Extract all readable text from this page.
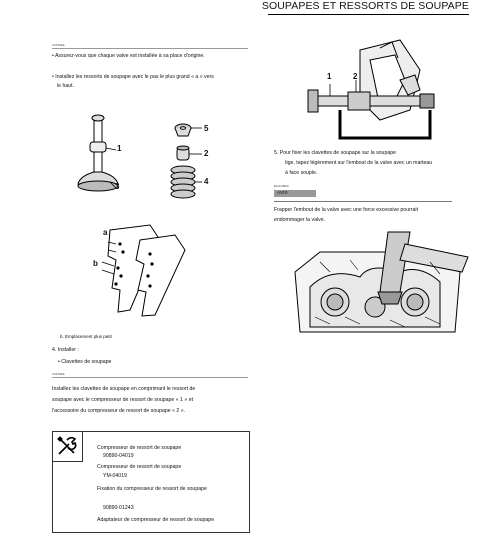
SOUPAPES ET RESSORTS DE SOUPAPE
CONSEIL
• Assurez-vous que chaque valve est installée à sa place d'origine.
• Installez les ressorts de soupape avec le pas le plus grand « a » vers
le haut.
1
3
5
2
4
a
b
b. Emplacement plus petit
4. Installer :
• Clavettes de soupape
CONSEIL
Installez les clavettes de soupape en comprimant le ressort de
soupape avec le compresseur de ressort de soupape « 1 » et
l'accessoire du compresseur de ressort de soupape « 2 ».
Compresseur de ressort de soupape
90890-04019
Compresseur de ressort de soupape
YM-04019
Fixation du compresseur de ressort de soupape
90890-01243
Adaptateur de compresseur de ressort de soupape
1	2
5. Pour fixer les clavettes de soupape sur la soupape
tige, tapez légèrement sur l'embout de la valve avec un marteau
à face souple.
ECA13820
AVIS
Frapper l'embout de la valve avec une force excessive pourrait
endommager la valve.
